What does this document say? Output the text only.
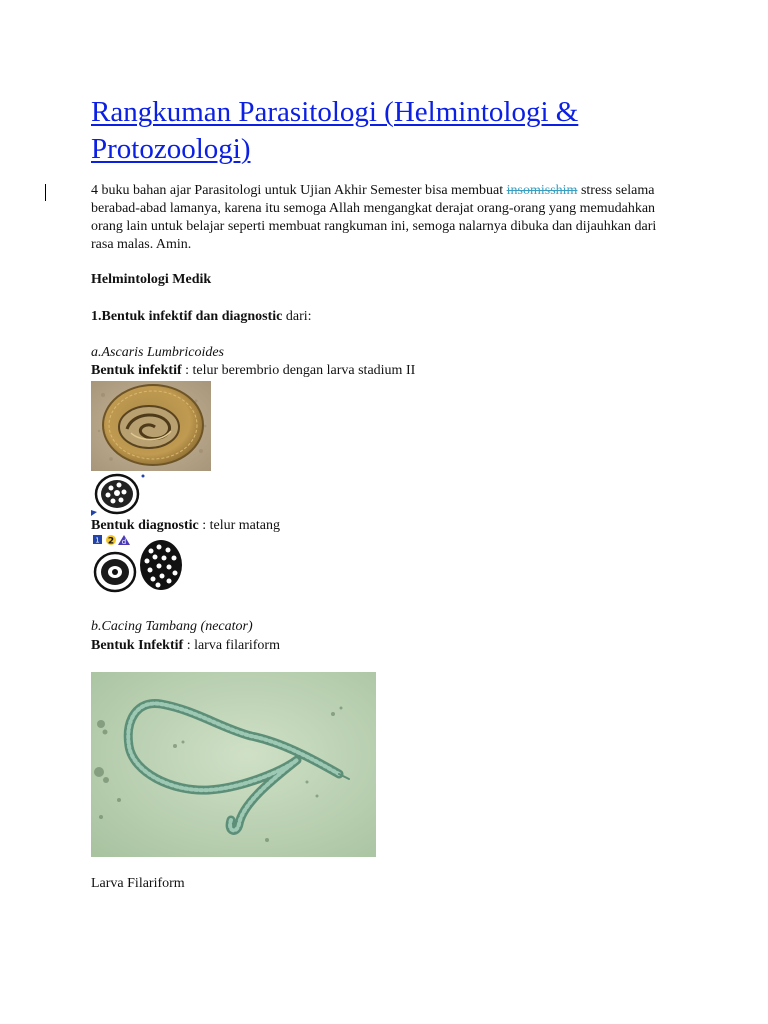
Rangkuman Parasitologi (Helmintologi & Protozoologi)

4 buku bahan ajar Parasitologi untuk Ujian Akhir Semester bisa membuat insomisshim stress selama berabad-abad lamanya, karena itu semoga Allah mengangkat derajat orang-orang yang memudahkan orang lain untuk belajar seperti membuat rangkuman ini, semoga nalarnya dibuka dan dijauhkan dari rasa malas. Amin.

Helmintologi Medik

1.Bentuk infektif dan diagnostic dari:

a.Ascaris Lumbricoides

Bentuk infektif : telur berembrio dengan larva stadium II

Bentuk diagnostic : telur matang

1 2 d

b.Cacing Tambang (necator)

Bentuk Infektif : larva filariform

Larva Filariform
